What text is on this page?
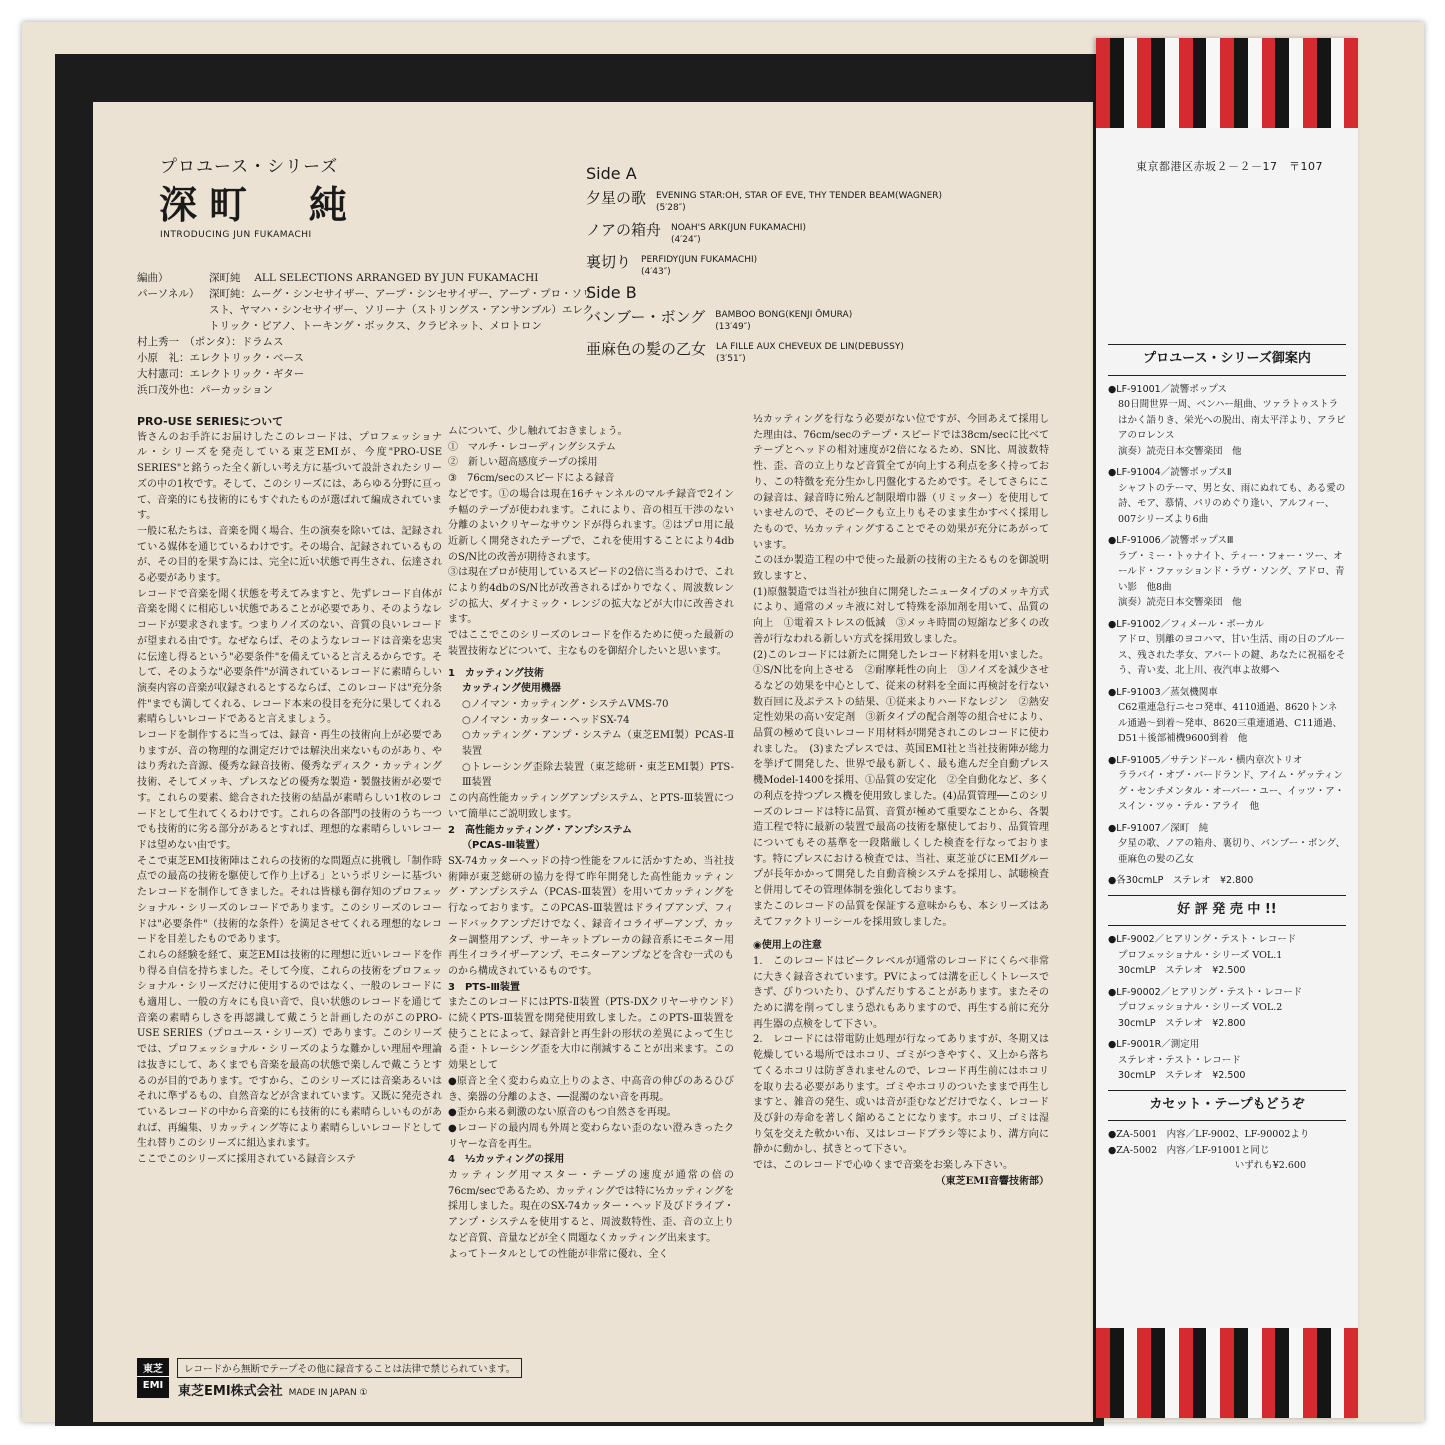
プロユース・シリーズ
深町　純
INTRODUCING JUN FUKAMACHI
編曲）	深町純　 ALL SELECTIONS ARRANGED BY JUN FUKAMACHI
パーソネル） 深町純：ムーグ・シンセサイザー、アープ・シンセサイザー、アープ・プロ・ソリスト、ヤマハ・シンセサイザー、ソリーナ（ストリングス・アンサンブル）エレクトリック・ピアノ、トーキング・ボックス、クラビネット、メロトロン
村上秀一　（ポンタ）：ドラムス
小原　礼：エレクトリック・ベース
大村憲司：エレクトリック・ギター
浜口茂外也：パーカッション
Side A
夕星の歌 EVENING STAR:OH, STAR OF EVE, THY TENDER BEAM(WAGNER)
(5′28″)
ノアの箱舟 NOAH'S ARK(JUN FUKAMACHI)
(4′24″)
裏切り PERFIDY(JUN FUKAMACHI)
(4′43″)
Side B
バンブー・ボング BAMBOO BONG(KENJI ŌMURA)
(13′49″)
亜麻色の髪の乙女 LA FILLE AUX CHEVEUX DE LIN(DEBUSSY)
(3′51″)
PRO-USE SERIESについて

皆さんのお手許にお届けしたこのレコードは、プロフェッショナル・シリーズを発売している東芝EMIが、今度"PRO-USE SERIES"と銘うった全く新しい考え方に基づいて設計されたシリーズの中の1枚です。そして、このシリーズには、あらゆる分野に亘って、音楽的にも技術的にもすぐれたものが選ばれて編成されています。

一般に私たちは、音楽を聞く場合、生の演奏を除いては、記録されている媒体を通じているわけです。その場合、記録されているものが、その目的を果す為には、完全に近い状態で再生され、伝達される必要があります。

レコードで音楽を聞く状態を考えてみますと、先ずレコード自体が音楽を聞くに相応しい状態であることが必要であり、そのようなレコードが要求されます。つまりノイズのない、音質の良いレコードが望まれる由です。なぜならば、そのようなレコードは音楽を忠実に伝達し得るという"必要条件"を備えていると言えるからです。そして、そのような"必要条件"が満されているレコードに素晴らしい演奏内容の音楽が収録されるとするならば、このレコードは"充分条件"までも満してくれる、レコード本来の役目を充分に果してくれる素晴らしいレコードであると言えましょう。

レコードを制作するに当っては、録音・再生の技術向上が必要でありますが、音の物理的な測定だけでは解決出来ないものがあり、やはり秀れた音源、優秀な録音技術、優秀なディスク・カッティング技術、そしてメッキ、プレスなどの優秀な製造・製盤技術が必要です。これらの要素、総合された技術の結晶が素晴らしい1枚のレコードとして生れてくるわけです。これらの各部門の技術のうち一つでも技術的に劣る部分があるとすれば、理想的な素晴らしいレコードは望めない由です。

そこで東芝EMI技術陣はこれらの技術的な問題点に挑戦し「制作時点での最高の技術を駆使して作り上げる」というポリシーに基づいたレコードを制作してきました。それは皆様も御存知のプロフェッショナル・シリーズのレコードであります。このシリーズのレコードは"必要条件"（技術的な条件）を満足させてくれる理想的なレコードを目差したものであります。

これらの経験を経て、東芝EMIは技術的に理想に近いレコードを作り得る自信を持ちました。そして今度、これらの技術をプロフェッショナル・シリーズだけに使用するのではなく、一般のレコードにも適用し、一般の方々にも良い音で、良い状態のレコードを通じて音楽の素晴らしさを再認識して戴こうと計画したのがこのPRO-USE SERIES（プロユース・シリーズ）であります。このシリーズでは、プロフェッショナル・シリーズのような難かしい理屈や理論は抜きにして、あくまでも音楽を最高の状態で楽しんで戴こうとするのが目的であります。ですから、このシリーズには音楽あるいはそれに準ずるもの、自然音などが含まれています。又既に発売されているレコードの中から音楽的にも技術的にも素晴らしいものがあれば、再編集、リカッティング等により素晴らしいレコードとして生れ替りこのシリーズに組込まれます。

ここでこのシリーズに採用されている録音システ

ムについて、少し触れておきましょう。

①　マルチ・レコーディングシステム

②　新しい超高感度テープの採用

③　76cm/secのスピードによる録音

などです。①の場合は現在16チャンネルのマルチ録音で2インチ幅のテープが使われます。これにより、音の相互干渉のない分離のよいクリヤーなサウンドが得られます。②はプロ用に最近新しく開発されたテープで、これを使用することにより4dbのS/N比の改善が期待されます。

③は現在プロが使用しているスピードの2倍に当るわけで、これにより約4dbのS/N比が改善されるばかりでなく、周波数レンジの拡大、ダイナミック・レンジの拡大などが大巾に改善されます。

ではここでこのシリーズのレコードを作るために使った最新の装置技術などについて、主なものを御紹介したいと思います。

1　カッティング技術
カッティング使用機器
○ノイマン・カッティング・システムVMS-70
○ノイマン・カッター・ヘッドSX-74
○カッティング・アンプ・システム（東芝EMI製）PCAS-Ⅱ装置
○トレーシング歪除去装置（東芝総研・東芝EMI製）PTS-Ⅲ装置

この内高性能カッティングアンプシステム、とPTS-Ⅲ装置について簡単にご説明致します。

2　高性能カッティング・アンプシステム
（PCAS-Ⅲ装置）

SX-74カッターヘッドの持つ性能をフルに活かすため、当社技術陣が東芝総研の協力を得て昨年開発した高性能カッティング・アンプシステム（PCAS-Ⅲ装置）を用いてカッティングを行なっております。このPCAS-Ⅲ装置はドライブアンプ、フィードバックアンプだけでなく、録音イコライザーアンプ、カッター調整用アンプ、サーキットブレーカの録音系にモニター用再生イコライザーアンプ、モニターアンプなどを含む一式のものから構成されているものです。

3　PTS-Ⅲ装置

またこのレコードにはPTS-Ⅱ装置（PTS-DXクリヤーサウンド）に続くPTS-Ⅲ装置を開発使用致しました。このPTS-Ⅲ装置を使うことによって、録音針と再生針の形状の差異によって生じる歪・トレーシング歪を大巾に削減することが出来ます。この効果として

●原音と全く変わらぬ立上りのよさ、中高音の伸びのあるひびき、楽器の分離のよさ、──混濁のない音を再現。
●歪から来る刺激のない原音のもつ自然さを再現。
●レコードの最内周も外周と変わらない歪のない澄みきったクリヤーな音を再生。
4　½カッティングの採用

カッティング用マスター・テープの速度が通常の倍の76cm/secであるため、カッティングでは特に½カッティングを採用しました。現在のSX-74カッター・ヘッド及びドライブ・アンプ・システムを使用すると、周波数特性、歪、音の立上りなど音質、音量などが全く問題なくカッティング出来ます。

よってトータルとしての性能が非常に優れ、全く

½カッティングを行なう必要がない位ですが、今回あえて採用した理由は、76cm/secのテープ・スピードでは38cm/secに比べてテープとヘッドの相対速度が2倍になるため、SN比、周波数特性、歪、音の立上りなど音質全てが向上する利点を多く持っており、この特徴を充分生かし円盤化するためです。そしてさらにこの録音は、録音時に殆んど制限増巾器（リミッター）を使用していませんので、そのピークも立上りもそのまま生かすべく採用したもので、½カッティングすることでその効果が充分にあがっています。

このほか製造工程の中で使った最新の技術の主たるものを御説明致しますと、

(1)原盤製造では当社が独自に開発したニュータイプのメッキ方式により、通常のメッキ液に対して特殊を添加剤を用いて、品質の向上　①電着ストレスの低減　③メッキ時間の短縮など多くの改善が行なわれる新しい方式を採用致しました。

(2)このレコードには新たに開発したレコード材料を用いました。①S/N比を向上させる　②耐摩耗性の向上　③ノイズを減少させるなどの効果を中心として、従来の材料を全面に再検討を行ない数百回に及ぶテストの結果、①従来よりハードなレジン　②熱安定性効果の高い安定剤　③新タイプの配合剤等の組合せにより、品質の極めて良いレコード用材料が開発されこのレコードに使われました。　(3)またプレスでは、英国EMI社と当社技術陣が総力を挙げて開発した、世界で最も新しく、最も進んだ全自動プレス機Model-1400を採用、①品質の安定化　②全自動化など、多くの利点を持つプレス機を使用致しました。(4)品質管理──このシリーズのレコードは特に品質、音質が極めて重要なことから、各製造工程で特に最新の装置で最高の技術を駆使しており、品質管理についてもその基準を一段階厳しくした検査を行なっております。特にプレスにおける検査では、当社、東芝並びにEMIグループが長年かかって開発した自動音検システムを採用し、試聴検査と併用してその管理体制を強化しております。

またこのレコードの品質を保証する意味からも、本シリーズはあえてファクトリーシールを採用致しました。

◉使用上の注意

1.　このレコードはピークレベルが通常のレコードにくらべ非常に大きく録音されています。PVによっては溝を正しくトレースできず、びりついたり、ひずんだりすることがあります。またそのために溝を削ってしまう恐れもありますので、再生する前に充分再生器の点検をして下さい。

2.　レコードには帯電防止処理が行なってありますが、冬期又は乾燥している場所ではホコリ、ゴミがつきやすく、又上から落ちてくるホコリは防ぎきれませんので、レコード再生前にはホコリを取り去る必要があります。ゴミやホコリのついたままで再生しますと、雑音の発生、或いは音が歪むなどだけでなく、レコード及び針の寿命を著しく縮めることになります。ホコリ、ゴミは湿り気を交えた軟かい布、又はレコードブラシ等により、溝方向に静かに動かし、拭きとって下さい。

では、このレコードで心ゆくまで音楽をお楽しみ下さい。

（東芝EMI音響技術部）
東芝
EMI
レコードから無断でテープその他に録音することは法律で禁じられています。
東芝EMI株式会社 MADE IN JAPAN ①
東京都港区赤坂２－２－17　〒107
プロユース・シリーズ御案内
●LF-91001／読響ポップス
80日間世界一周、ベンハー組曲、ツァラトゥストラはかく語りき、栄光への脱出、南太平洋より、アラビアのロレンス
演奏）読売日本交響楽団　他
●LF-91004／読響ポップスⅡ
シャフトのテーマ、男と女、雨にぬれても、ある愛の詩、モア、慕情、パリのめぐり逢い、アルフィー、007シリーズより6曲
●LF-91006／読響ポップスⅢ
ラブ・ミー・トゥナイト、ティー・フォー・ツー、オールド・ファッションド・ラヴ・ソング、アドロ、青い影　他8曲
演奏）読売日本交響楽団　他
●LF-91002／フィメール・ボーカル
アドロ、別離のヨコハマ、甘い生活、雨の日のブルース、残された孝女、アパートの鍵、あなたに祝福をそう、青い麦、北上川、夜汽車よ故郷へ
●LF-91003／蒸気機関車
C62重連急行ニセコ発車、4110通過、8620トンネル通過〜到着〜発車、8620三重連通過、C11通過、D51＋後部補機9600到着　他
●LF-91005／サテンドール・横内章次トリオ
ララバイ・オブ・バードランド、アイム・ゲッティング・センチメンタル・オーバー・ユー、イッツ・ア・スイン・ツゥ・テル・アライ　他
●LF-91007／深町　純
夕星の歌、ノアの箱舟、裏切り、バンブー・ボング、亜麻色の髪の乙女
●各30cmLP　ステレオ　¥2.800
好 評 発 売 中 !!
●LF-9002／ヒアリング・テスト・レコード
プロフェッショナル・シリーズ VOL.1
30cmLP　ステレオ　¥2.500
●LF-90002／ヒアリング・テスト・レコード
プロフェッショナル・シリーズ VOL.2
30cmLP　ステレオ　¥2.800
●LF-9001R／測定用
ステレオ・テスト・レコード
30cmLP　ステレオ　¥2.500
カセット・テープもどうぞ
●ZA-5001　内容／LF-9002、LF-90002より
●ZA-5002　内容／LF-91001と同じ
いずれも¥2.600
